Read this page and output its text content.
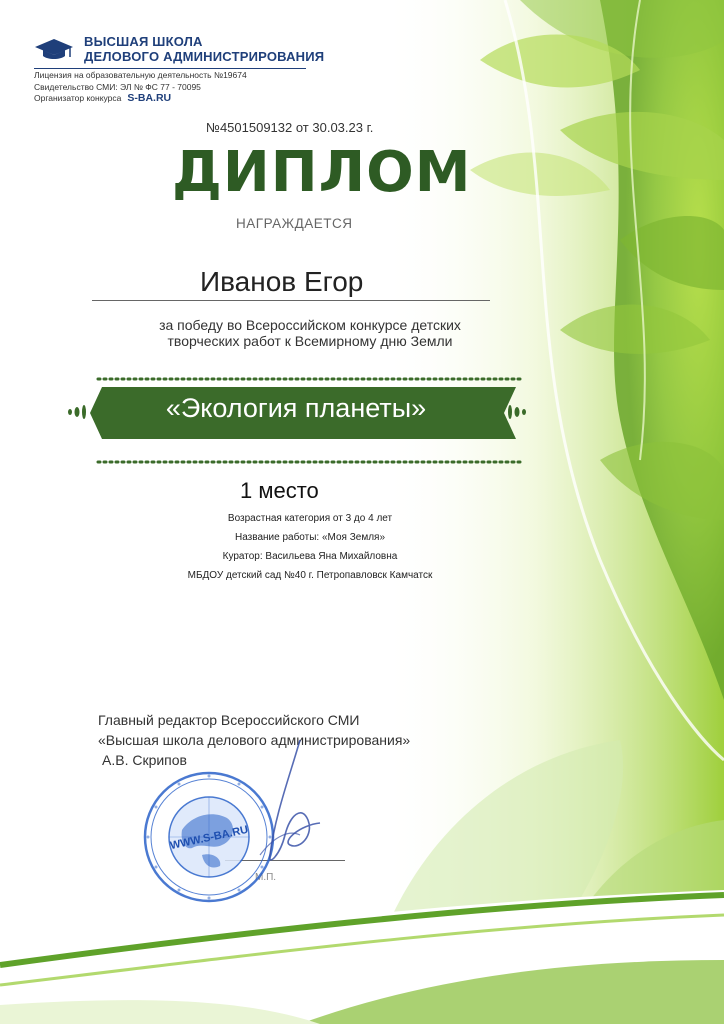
ВЫСШАЯ ШКОЛА
ДЕЛОВОГО АДМИНИСТРИРОВАНИЯ
Лицензия на образовательную деятельность №19674
Свидетельство СМИ: ЭЛ № ФС 77 - 70095
Организатор конкурса S-BA.RU
№4501509132 от 30.03.23 г.
ДИПЛОМ
НАГРАЖДАЕТСЯ
Иванов Егор
за победу во Всероссийском конкурсе детских
творческих работ к Всемирному дню Земли
«Экология планеты»
1 место
Возрастная категория от 3 до 4 лет
Название работы: «Моя Земля»
Куратор: Васильева Яна Михайловна
МБДОУ детский сад №40 г. Петропавловск Камчатск
Главный редактор Всероссийского СМИ
«Высшая школа делового администрирования»
А.В. Скрипов
М.П.
WWW.S-BA.RU
